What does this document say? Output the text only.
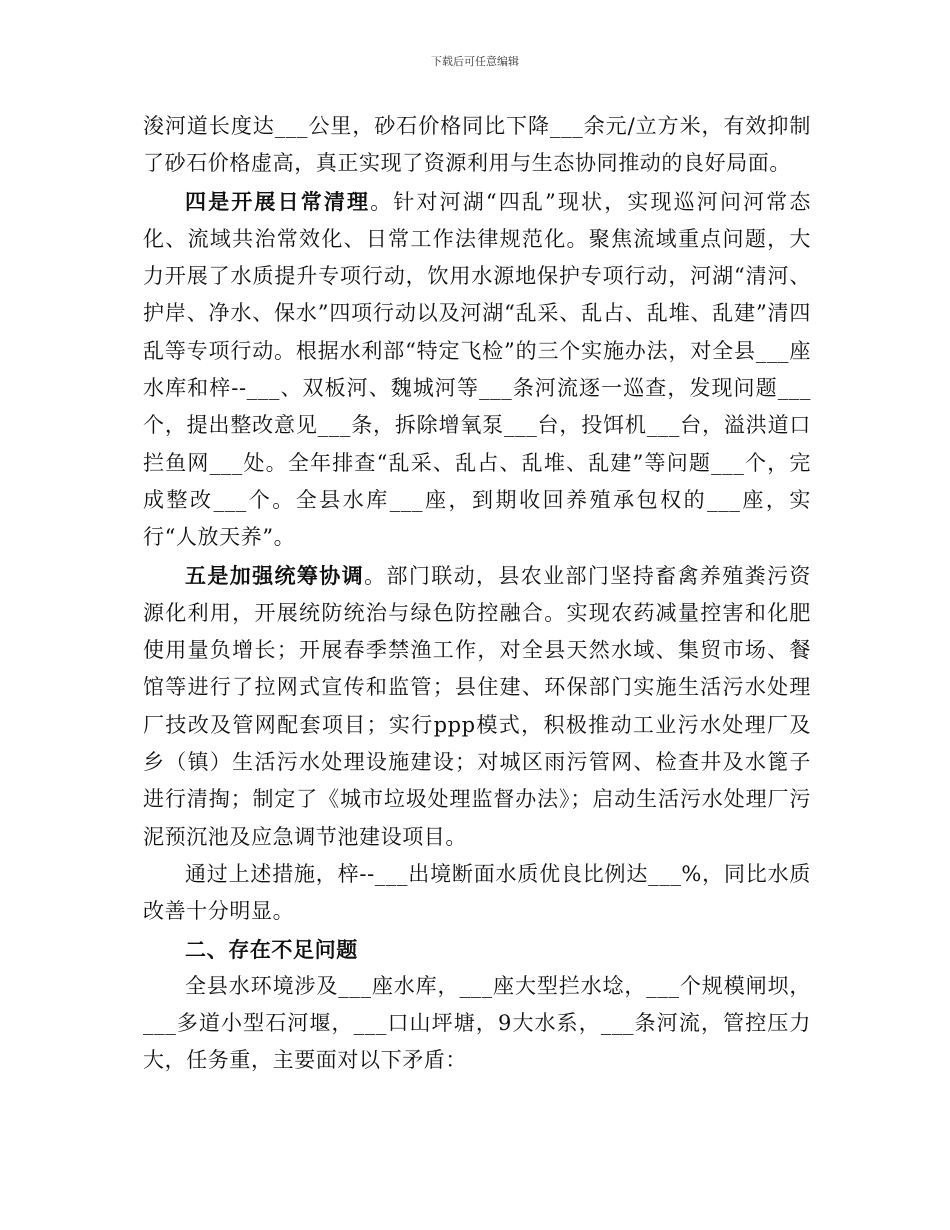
下载后可任意编辑

浚河道长度达___公里，砂石价格同比下降___余元/立方米，有效抑制了砂石价格虚高，真正实现了资源利用与生态协同推动的良好局面。

四是开展日常清理。针对河湖“四乱”现状，实现巡河问河常态化、流域共治常效化、日常工作法律规范化。聚焦流域重点问题，大力开展了水质提升专项行动，饮用水源地保护专项行动，河湖“清河、护岸、净水、保水”四项行动以及河湖“乱采、乱占、乱堆、乱建”清四乱等专项行动。根据水利部“特定飞检”的三个实施办法，对全县___座水库和梓--___、双板河、魏城河等___条河流逐一巡查，发现问题___个，提出整改意见___条，拆除增氧泵___台，投饵机___台，溢洪道口拦鱼网___处。全年排查“乱采、乱占、乱堆、乱建”等问题___个，完成整改___个。全县水库___座，到期收回养殖承包权的___座，实行“人放天养”。

五是加强统筹协调。部门联动，县农业部门坚持畜禽养殖粪污资源化利用，开展统防统治与绿色防控融合。实现农药减量控害和化肥使用量负增长；开展春季禁渔工作，对全县天然水域、集贸市场、餐馆等进行了拉网式宣传和监管；县住建、环保部门实施生活污水处理厂技改及管网配套项目；实行ppp模式，积极推动工业污水处理厂及乡（镇）生活污水处理设施建设；对城区雨污管网、检查井及水篦子进行清掏；制定了《城市垃圾处理监督办法》；启动生活污水处理厂污泥预沉池及应急调节池建设项目。

通过上述措施，梓--___出境断面水质优良比例达___%，同比水质改善十分明显。

二、存在不足问题

全县水环境涉及___座水库，___座大型拦水埝，___个规模闸坝，___多道小型石河堰，___口山坪塘，9大水系，___条河流，管控压力大，任务重，主要面对以下矛盾：
